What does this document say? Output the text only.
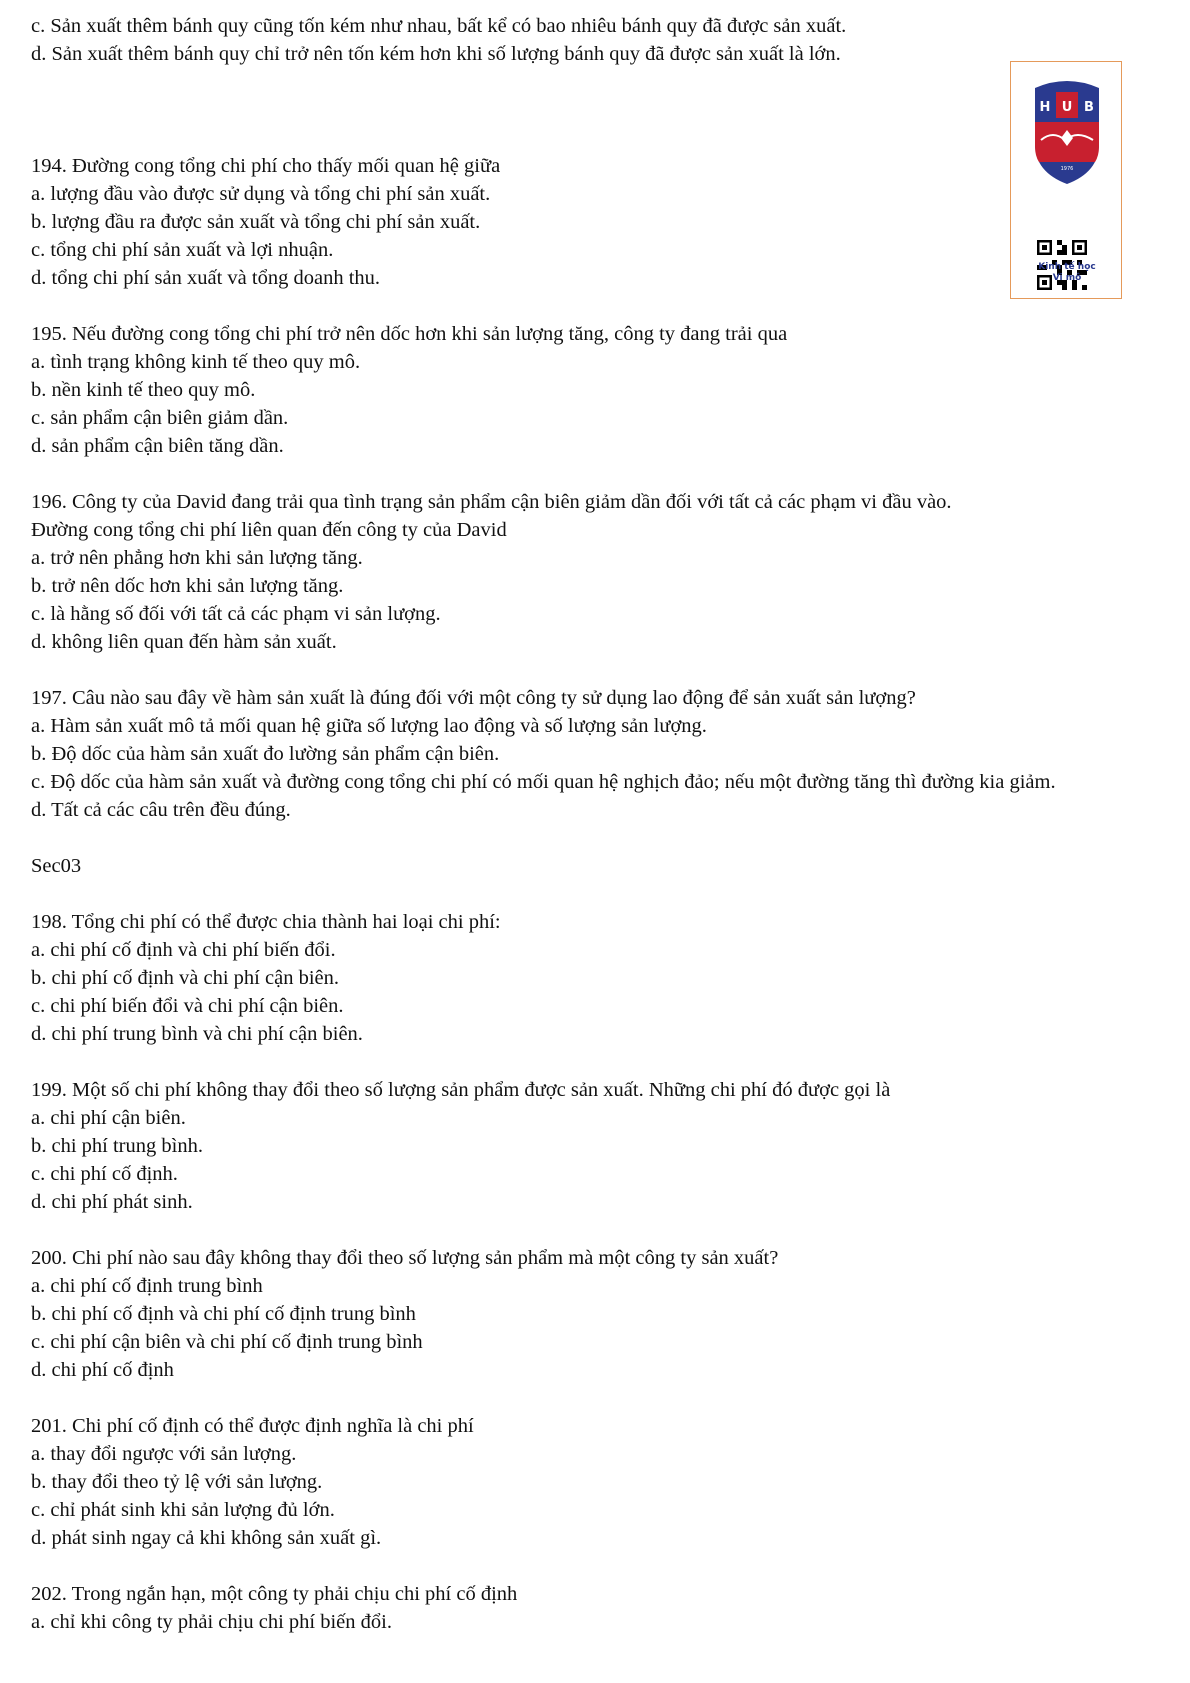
c. Sản xuất thêm bánh quy cũng tốn kém như nhau, bất kể có bao nhiêu bánh quy đã được sản xuất.
d. Sản xuất thêm bánh quy chỉ trở nên tốn kém hơn khi số lượng bánh quy đã được sản xuất là lớn.
194. Đường cong tổng chi phí cho thấy mối quan hệ giữa
a. lượng đầu vào được sử dụng và tổng chi phí sản xuất.
b. lượng đầu ra được sản xuất và tổng chi phí sản xuất.
c. tổng chi phí sản xuất và lợi nhuận.
d. tổng chi phí sản xuất và tổng doanh thu.
195. Nếu đường cong tổng chi phí trở nên dốc hơn khi sản lượng tăng, công ty đang trải qua
a. tình trạng không kinh tế theo quy mô.
b. nền kinh tế theo quy mô.
c. sản phẩm cận biên giảm dần.
d. sản phẩm cận biên tăng dần.
196. Công ty của David đang trải qua tình trạng sản phẩm cận biên giảm dần đối với tất cả các phạm vi đầu vào.
Đường cong tổng chi phí liên quan đến công ty của David
a. trở nên phẳng hơn khi sản lượng tăng.
b. trở nên dốc hơn khi sản lượng tăng.
c. là hằng số đối với tất cả các phạm vi sản lượng.
d. không liên quan đến hàm sản xuất.
197. Câu nào sau đây về hàm sản xuất là đúng đối với một công ty sử dụng lao động để sản xuất sản lượng?
a. Hàm sản xuất mô tả mối quan hệ giữa số lượng lao động và số lượng sản lượng.
b. Độ dốc của hàm sản xuất đo lường sản phẩm cận biên.
c. Độ dốc của hàm sản xuất và đường cong tổng chi phí có mối quan hệ nghịch đảo; nếu một đường tăng thì đường kia giảm.
d. Tất cả các câu trên đều đúng.
Sec03
198. Tổng chi phí có thể được chia thành hai loại chi phí:
a. chi phí cố định và chi phí biến đổi.
b. chi phí cố định và chi phí cận biên.
c. chi phí biến đổi và chi phí cận biên.
d. chi phí trung bình và chi phí cận biên.
199. Một số chi phí không thay đổi theo số lượng sản phẩm được sản xuất. Những chi phí đó được gọi là
a. chi phí cận biên.
b. chi phí trung bình.
c. chi phí cố định.
d. chi phí phát sinh.
200. Chi phí nào sau đây không thay đổi theo số lượng sản phẩm mà một công ty sản xuất?
a. chi phí cố định trung bình
b. chi phí cố định và chi phí cố định trung bình
c. chi phí cận biên và chi phí cố định trung bình
d. chi phí cố định
201. Chi phí cố định có thể được định nghĩa là chi phí
a. thay đổi ngược với sản lượng.
b. thay đổi theo tỷ lệ với sản lượng.
c. chỉ phát sinh khi sản lượng đủ lớn.
d. phát sinh ngay cả khi không sản xuất gì.
202. Trong ngắn hạn, một công ty phải chịu chi phí cố định
a. chỉ khi công ty phải chịu chi phí biến đổi.
H U B
1976
Kinh tế học
Vi mô
